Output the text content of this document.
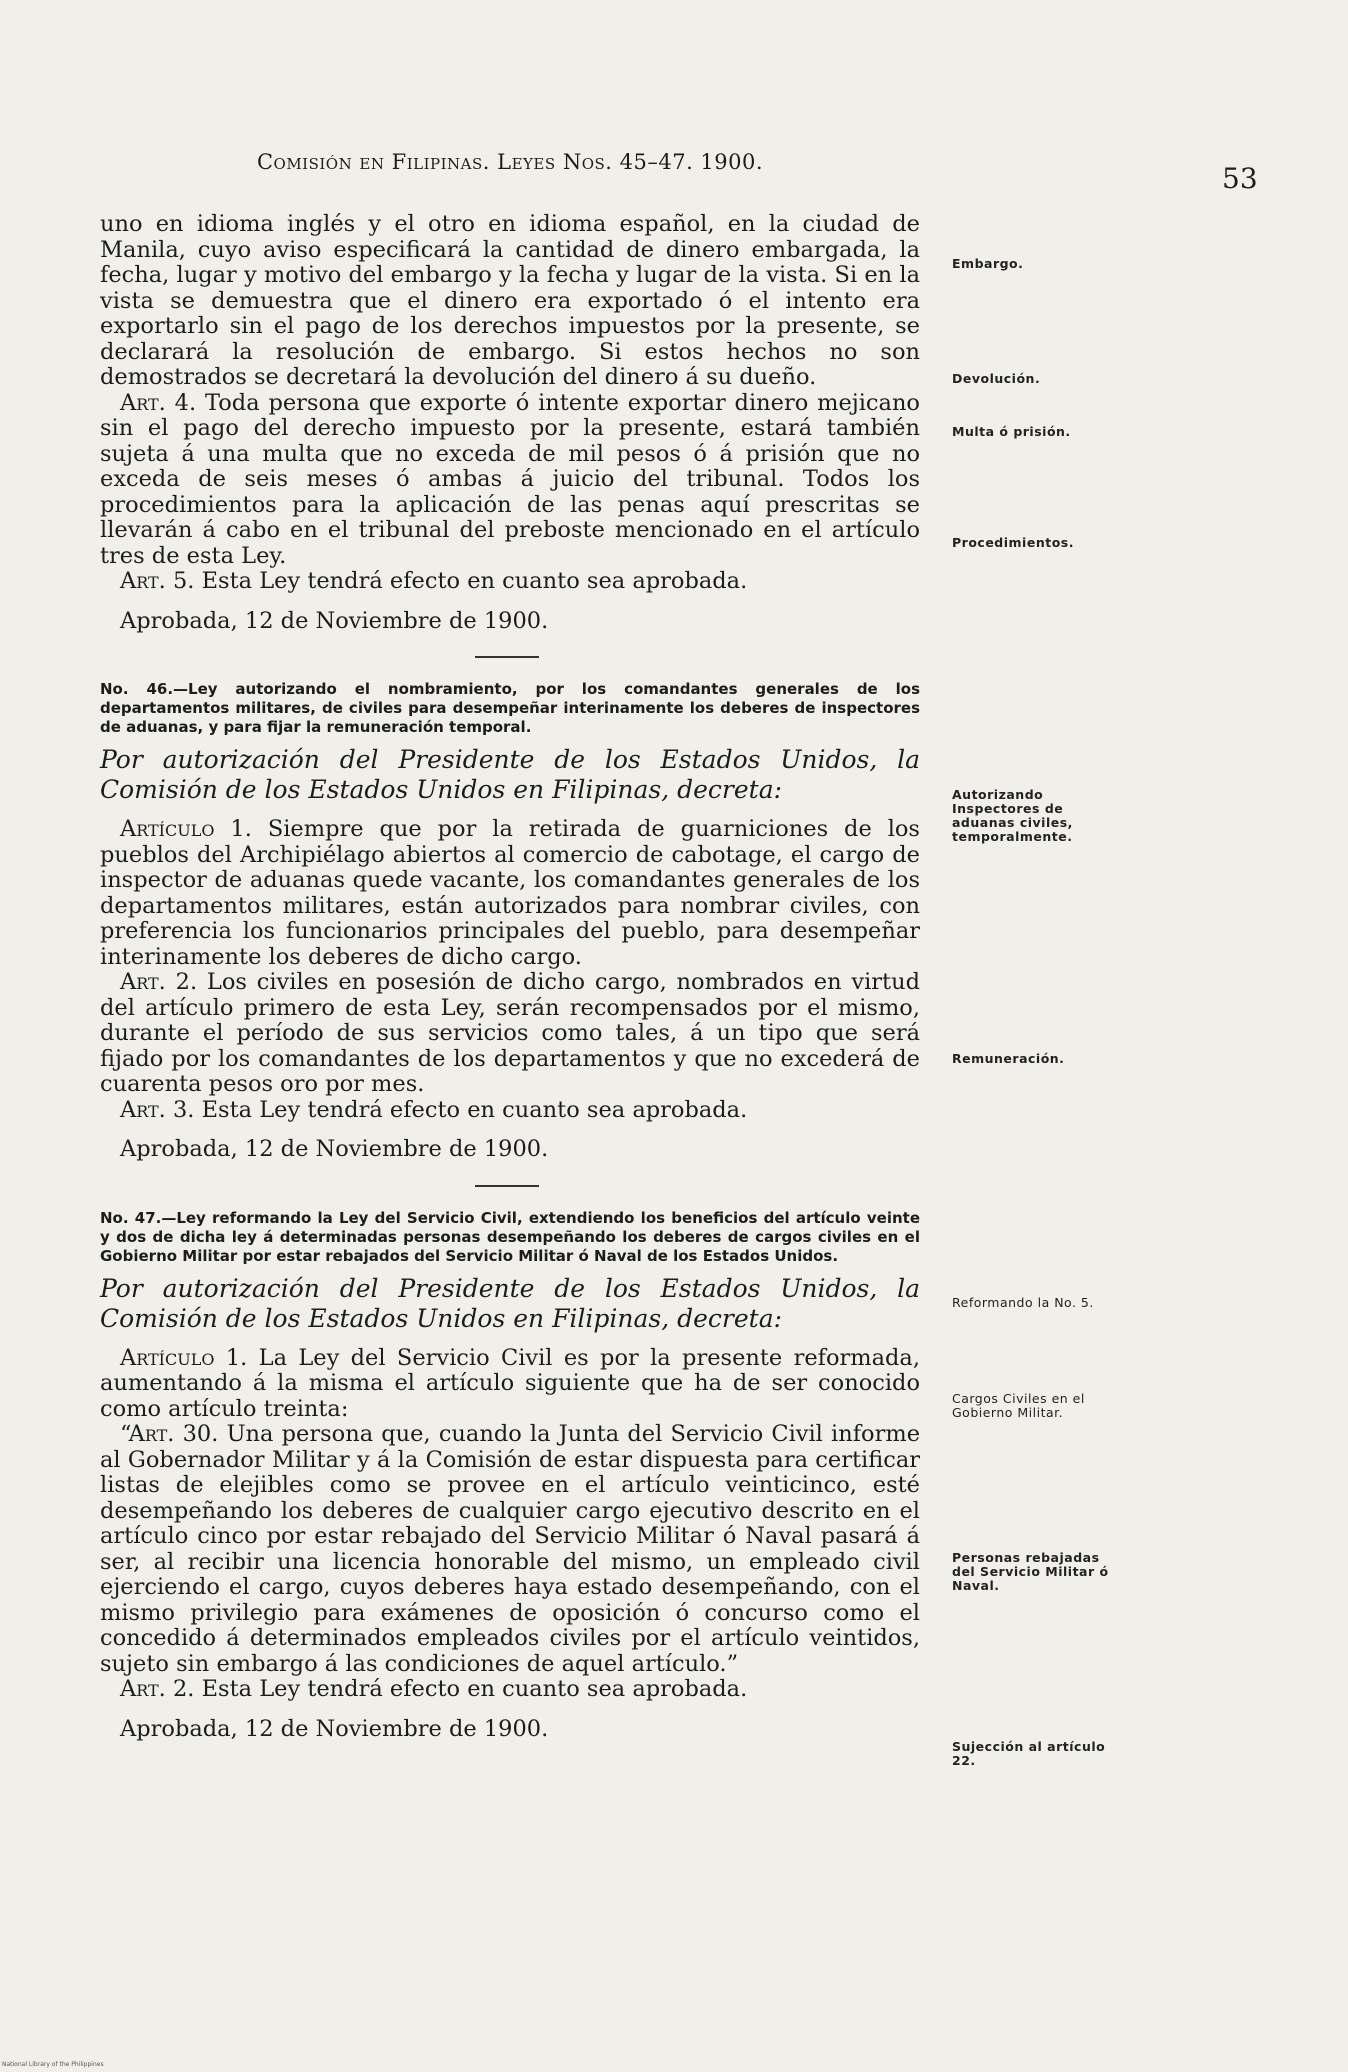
Comisión en Filipinas. Leyes Nos. 45–47. 1900.	53

uno en idioma inglés y el otro en idioma español, en la ciudad de Manila, cuyo aviso especificará la cantidad de dinero embargada, la fecha, lugar y motivo del embargo y la fecha y lugar de la vista. Si en la vista se demuestra que el dinero era exportado ó el intento era exportarlo sin el pago de los derechos impuestos por la presente, se declarará la resolución de embargo. Si estos hechos no son demostrados se decretará la devolución del dinero á su dueño.

Art. 4. Toda persona que exporte ó intente exportar dinero mejicano sin el pago del derecho impuesto por la presente, estará también sujeta á una multa que no exceda de mil pesos ó á prisión que no exceda de seis meses ó ambas á juicio del tribunal. Todos los procedimientos para la aplicación de las penas aquí prescritas se llevarán á cabo en el tribunal del preboste mencionado en el artículo tres de esta Ley.

Art. 5. Esta Ley tendrá efecto en cuanto sea aprobada.

Aprobada, 12 de Noviembre de 1900.

No. 46.—Ley autorizando el nombramiento, por los comandantes generales de los departamentos militares, de civiles para desempeñar interinamente los deberes de inspectores de aduanas, y para fijar la remuneración temporal.

Por autorización del Presidente de los Estados Unidos, la Comisión de los Estados Unidos en Filipinas, decreta:

Artículo 1. Siempre que por la retirada de guarniciones de los pueblos del Archipiélago abiertos al comercio de cabotage, el cargo de inspector de aduanas quede vacante, los comandantes generales de los departamentos militares, están autorizados para nombrar civiles, con preferencia los funcionarios principales del pueblo, para desempeñar interinamente los deberes de dicho cargo.

Art. 2. Los civiles en posesión de dicho cargo, nombrados en virtud del artículo primero de esta Ley, serán recompensados por el mismo, durante el período de sus servicios como tales, á un tipo que será fijado por los comandantes de los departamentos y que no excederá de cuarenta pesos oro por mes.

Art. 3. Esta Ley tendrá efecto en cuanto sea aprobada.

Aprobada, 12 de Noviembre de 1900.

No. 47.—Ley reformando la Ley del Servicio Civil, extendiendo los beneficios del artículo veinte y dos de dicha ley á determinadas personas desempeñando los deberes de cargos civiles en el Gobierno Militar por estar rebajados del Servicio Militar ó Naval de los Estados Unidos.

Por autorización del Presidente de los Estados Unidos, la Comisión de los Estados Unidos en Filipinas, decreta:

Artículo 1. La Ley del Servicio Civil es por la presente reformada, aumentando á la misma el artículo siguiente que ha de ser conocido como artículo treinta:

“Art. 30. Una persona que, cuando la Junta del Servicio Civil informe al Gobernador Militar y á la Comisión de estar dispuesta para certificar listas de elejibles como se provee en el artículo veinticinco, esté desempeñando los deberes de cualquier cargo ejecutivo descrito en el artículo cinco por estar rebajado del Servicio Militar ó Naval pasará á ser, al recibir una licencia honorable del mismo, un empleado civil ejerciendo el cargo, cuyos deberes haya estado desempeñando, con el mismo privilegio para exámenes de oposición ó concurso como el concedido á determinados empleados civiles por el artículo veintidos, sujeto sin embargo á las condiciones de aquel artículo.”

Art. 2. Esta Ley tendrá efecto en cuanto sea aprobada.

Aprobada, 12 de Noviembre de 1900.

Embargo.
Devolución.
Multa ó prisión.
Procedimientos.
Autorizando Inspectores de aduanas civiles, temporalmente.
Remuneración.
Reformando la No. 5.
Cargos Civiles en el Gobierno Militar.
Personas rebajadas del Servicio Militar ó Naval.
Sujección al artículo 22.
National Library of the Philippines
